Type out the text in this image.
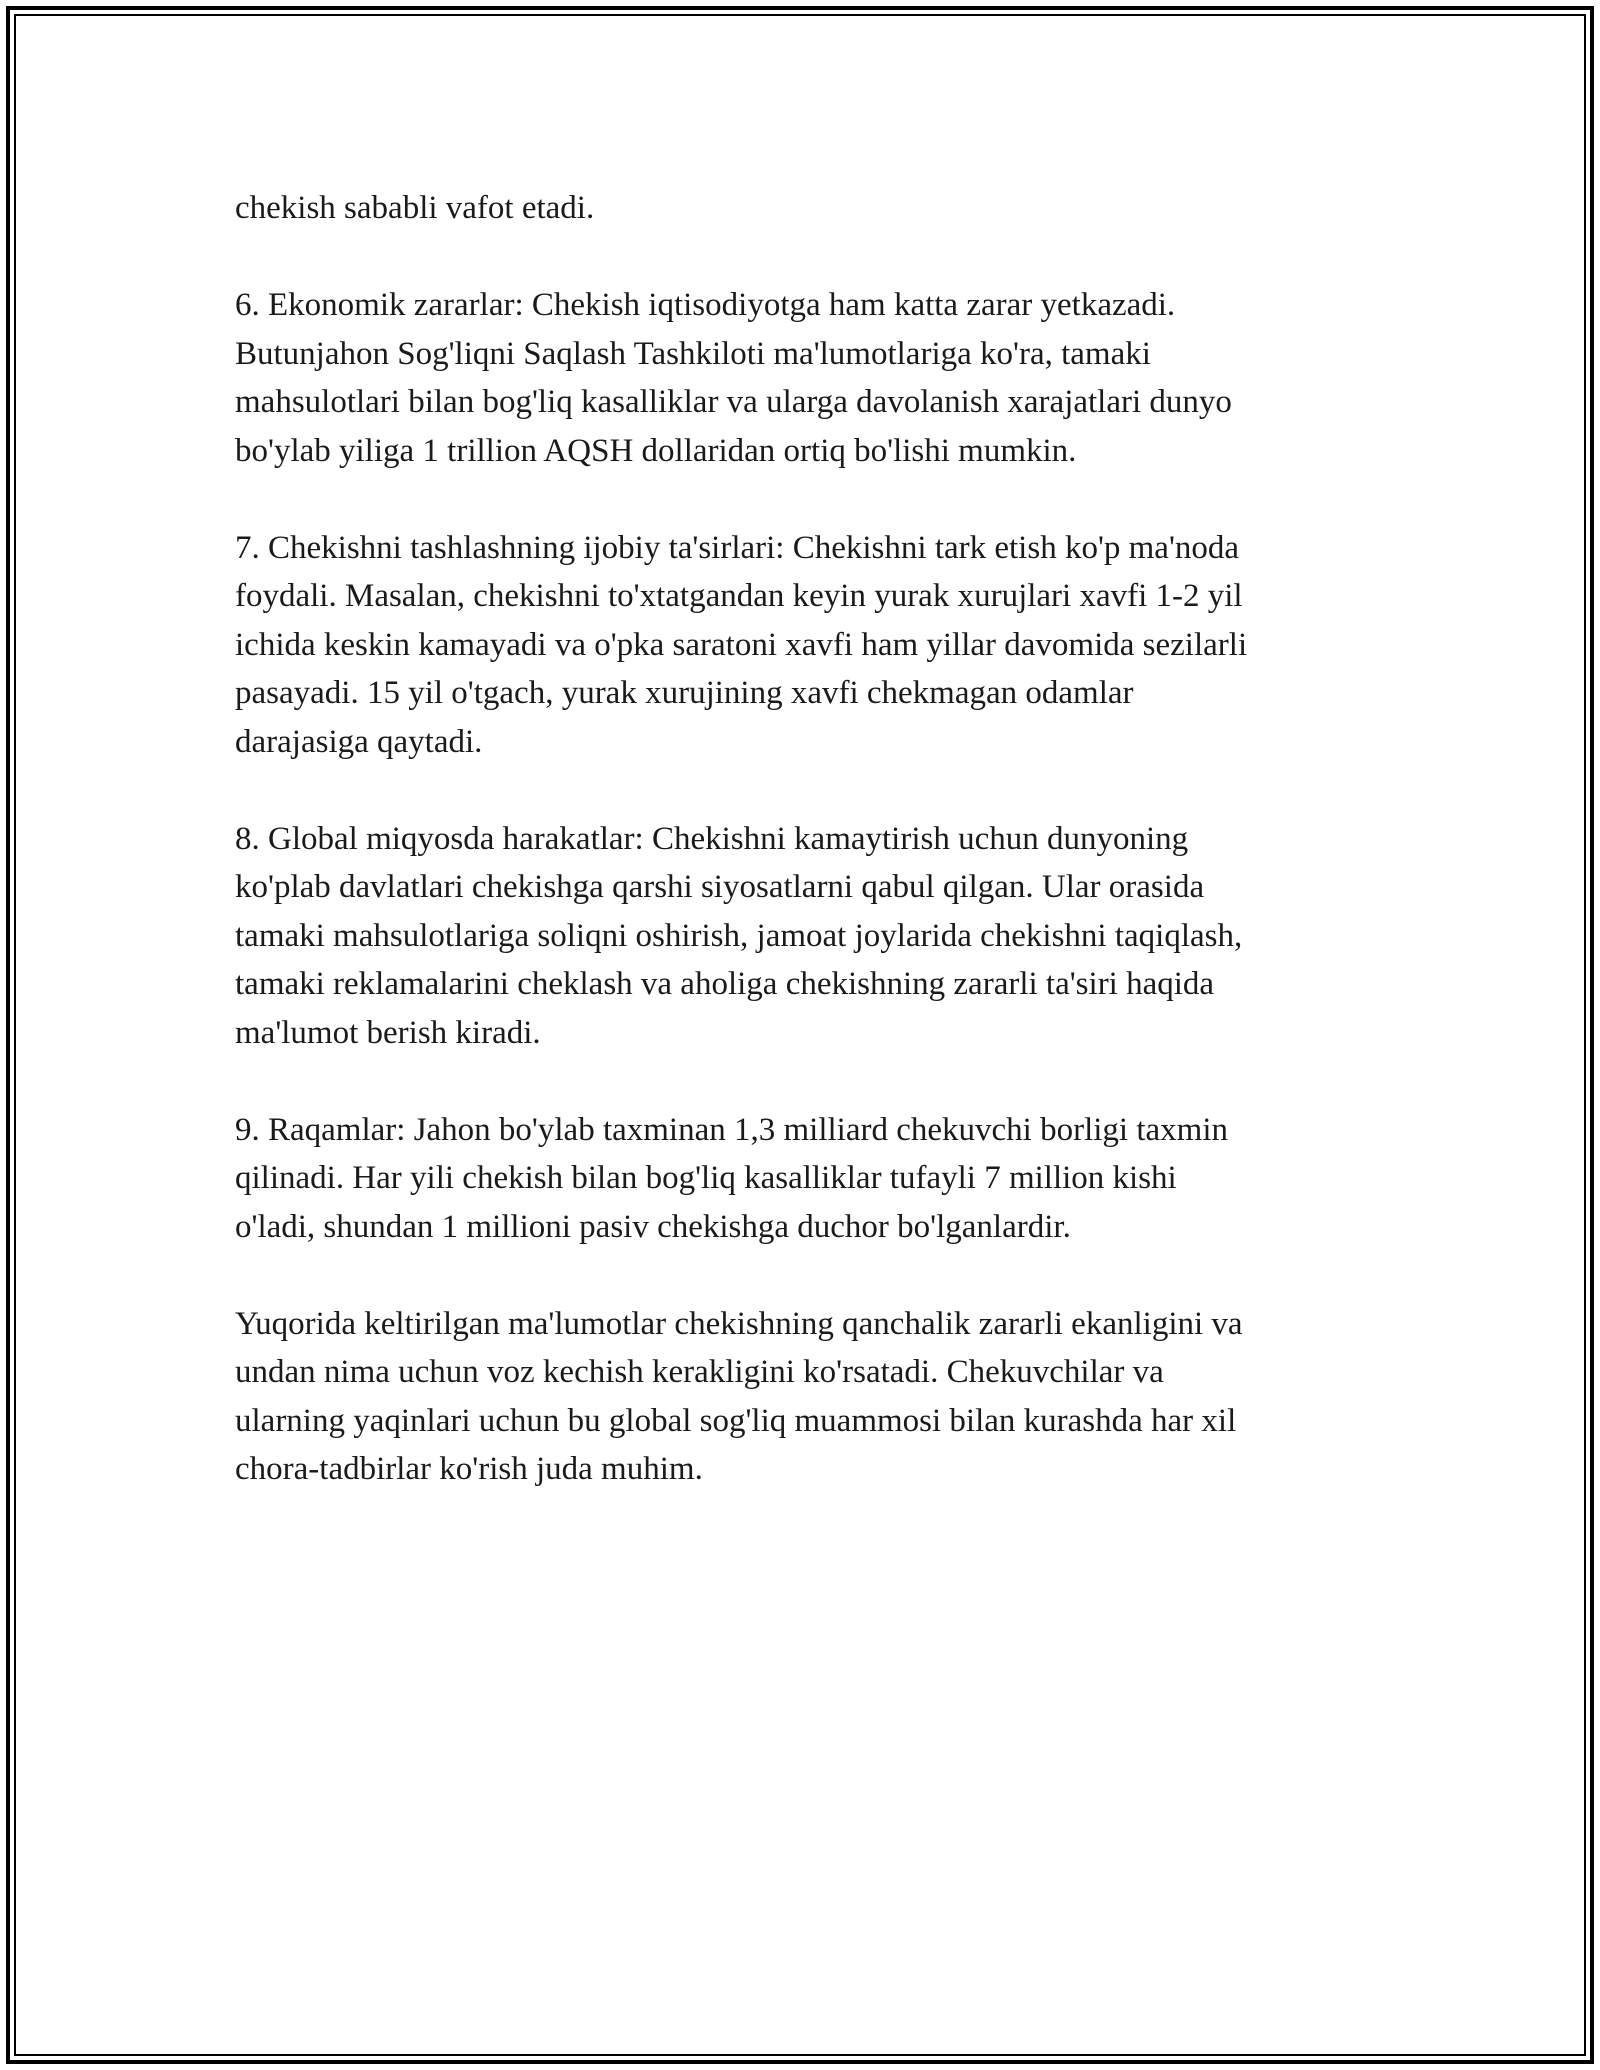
chekish sababli vafot etadi.

6. Ekonomik zararlar: Chekish iqtisodiyotga ham katta zarar yetkazadi.
Butunjahon Sog'liqni Saqlash Tashkiloti ma'lumotlariga ko'ra, tamaki
mahsulotlari bilan bog'liq kasalliklar va ularga davolanish xarajatlari dunyo
bo'ylab yiliga 1 trillion AQSH dollaridan ortiq bo'lishi mumkin.

7. Chekishni tashlashning ijobiy ta'sirlari: Chekishni tark etish ko'p ma'noda
foydali. Masalan, chekishni to'xtatgandan keyin yurak xurujlari xavfi 1-2 yil
ichida keskin kamayadi va o'pka saratoni xavfi ham yillar davomida sezilarli
pasayadi. 15 yil o'tgach, yurak xurujining xavfi chekmagan odamlar
darajasiga qaytadi.

8. Global miqyosda harakatlar: Chekishni kamaytirish uchun dunyoning
ko'plab davlatlari chekishga qarshi siyosatlarni qabul qilgan. Ular orasida
tamaki mahsulotlariga soliqni oshirish, jamoat joylarida chekishni taqiqlash,
tamaki reklamalarini cheklash va aholiga chekishning zararli ta'siri haqida
ma'lumot berish kiradi.

9. Raqamlar: Jahon bo'ylab taxminan 1,3 milliard chekuvchi borligi taxmin
qilinadi. Har yili chekish bilan bog'liq kasalliklar tufayli 7 million kishi
o'ladi, shundan 1 millioni pasiv chekishga duchor bo'lganlardir.

Yuqorida keltirilgan ma'lumotlar chekishning qanchalik zararli ekanligini va
undan nima uchun voz kechish kerakligini ko'rsatadi. Chekuvchilar va
ularning yaqinlari uchun bu global sog'liq muammosi bilan kurashda har xil
chora-tadbirlar ko'rish juda muhim.
